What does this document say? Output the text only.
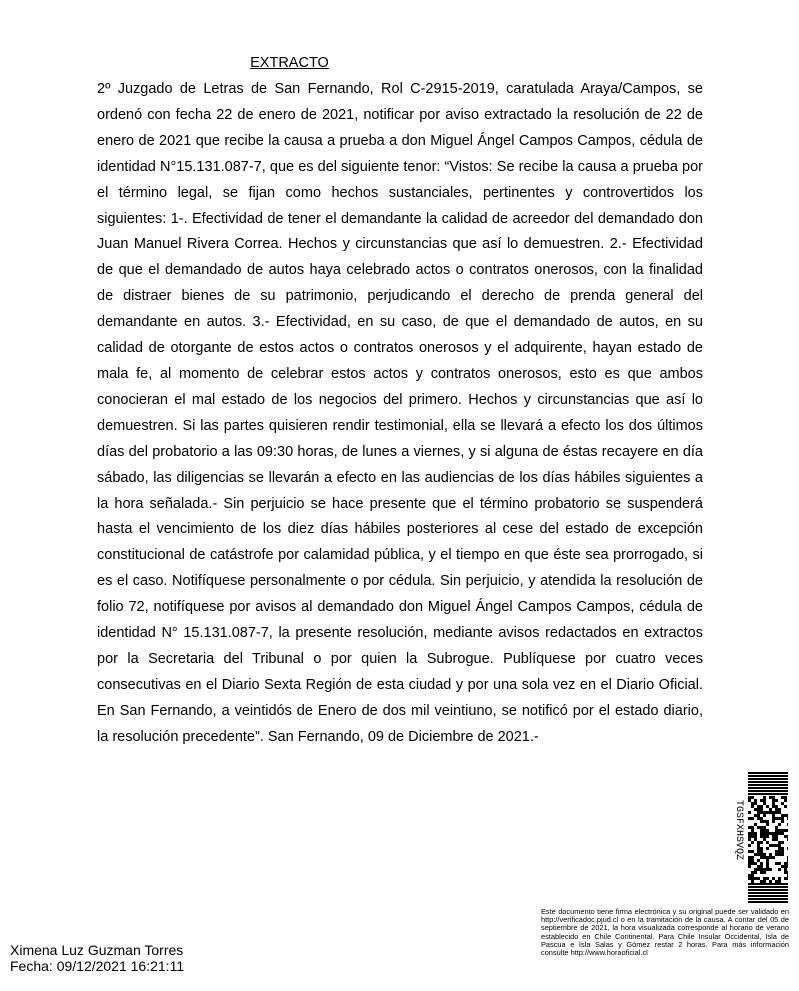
EXTRACTO
2º Juzgado de Letras de San Fernando, Rol C-2915-2019, caratulada Araya/Campos, se ordenó con fecha 22 de enero de 2021, notificar por aviso extractado la resolución de 22 de enero de 2021 que recibe la causa a prueba a don Miguel Ángel Campos Campos, cédula de identidad N°15.131.087-7, que es del siguiente tenor: “Vistos: Se recibe la causa a prueba por el término legal, se fijan como hechos sustanciales, pertinentes y controvertidos los siguientes: 1-. Efectividad de tener el demandante la calidad de acreedor del demandado don Juan Manuel Rivera Correa. Hechos y circunstancias que así lo demuestren. 2.- Efectividad de que el demandado de autos haya celebrado actos o contratos onerosos, con la finalidad de distraer bienes de su patrimonio, perjudicando el derecho de prenda general del demandante en autos. 3.- Efectividad, en su caso, de que el demandado de autos, en su calidad de otorgante de estos actos o contratos onerosos y el adquirente, hayan estado de mala fe, al momento de celebrar estos actos y contratos onerosos, esto es que ambos conocieran el mal estado de los negocios del primero. Hechos y circunstancias que así lo demuestren. Si las partes quisieren rendir testimonial, ella se llevará a efecto los dos últimos días del probatorio a las 09:30 horas, de lunes a viernes, y si alguna de éstas recayere en día sábado, las diligencias se llevarán a efecto en las audiencias de los días hábiles siguientes a la hora señalada.- Sin perjuicio se hace presente que el término probatorio se suspenderá hasta el vencimiento de los diez días hábiles posteriores al cese del estado de excepción constitucional de catástrofe por calamidad pública, y el tiempo en que éste sea prorrogado, si es el caso. Notifíquese personalmente o por cédula. Sin perjuicio, y atendida la resolución de folio 72, notifíquese por avisos al demandado don Miguel Ángel Campos Campos, cédula de identidad N° 15.131.087-7, la presente resolución, mediante avisos redactados en extractos por la Secretaria del Tribunal o por quien la Subrogue. Publíquese por cuatro veces consecutivas en el Diario Sexta Región de esta ciudad y por una sola vez en el Diario Oficial. En San Fernando, a veintidós de Enero de dos mil veintiuno, se notificó por el estado diario, la resolución precedente”. San Fernando, 09 de Diciembre de 2021.-
TGSFXHSVQZ
Este documento tiene firma electrónica y su original puede ser validado en http://verificadoc.pjud.cl o en la tramitación de la causa. A contar del 05 de septiembre de 2021, la hora visualizada corresponde al horario de verano establecido en Chile Continental. Para Chile Insular Occidental, Isla de Pascua e Isla Salas y Gómez restar 2 horas. Para más información consulte http://www.horaoficial.cl
Ximena Luz Guzman Torres
Fecha: 09/12/2021 16:21:11
